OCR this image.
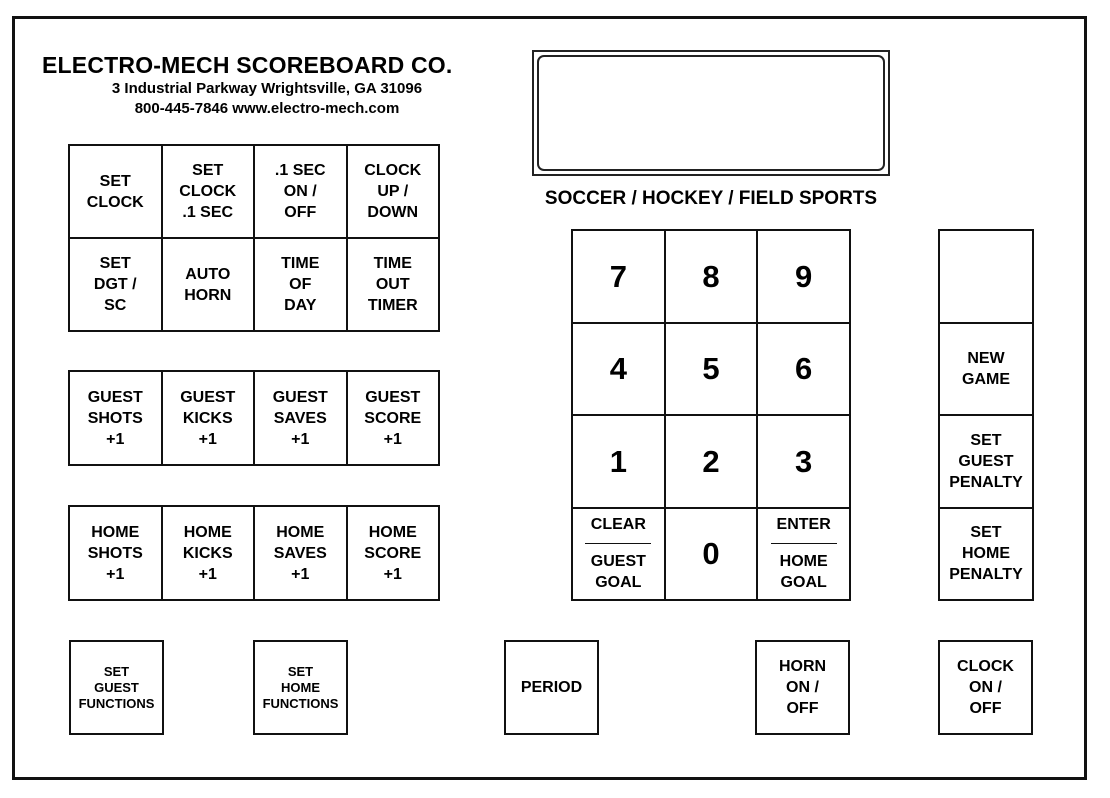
ELECTRO-MECH SCOREBOARD CO.
3 Industrial Parkway Wrightsville, GA 31096
800-445-7846 www.electro-mech.com
SOCCER / HOCKEY / FIELD SPORTS
SET
CLOCK
SET
CLOCK
.1 SEC
.1 SEC
ON /
OFF
CLOCK
UP /
DOWN
SET
DGT /
SC
AUTO
HORN
TIME
OF
DAY
TIME
OUT
TIMER
GUEST
SHOTS
+1
GUEST
KICKS
+1
GUEST
SAVES
+1
GUEST
SCORE
+1
HOME
SHOTS
+1
HOME
KICKS
+1
HOME
SAVES
+1
HOME
SCORE
+1
7 8 9
4 5 6
1 2 3
CLEAR
GUEST
GOAL
0
ENTER
HOME
GOAL
NEW
GAME
SET
GUEST
PENALTY
SET
HOME
PENALTY
SET
GUEST
FUNCTIONS
SET
HOME
FUNCTIONS
PERIOD
HORN
ON /
OFF
CLOCK
ON /
OFF
